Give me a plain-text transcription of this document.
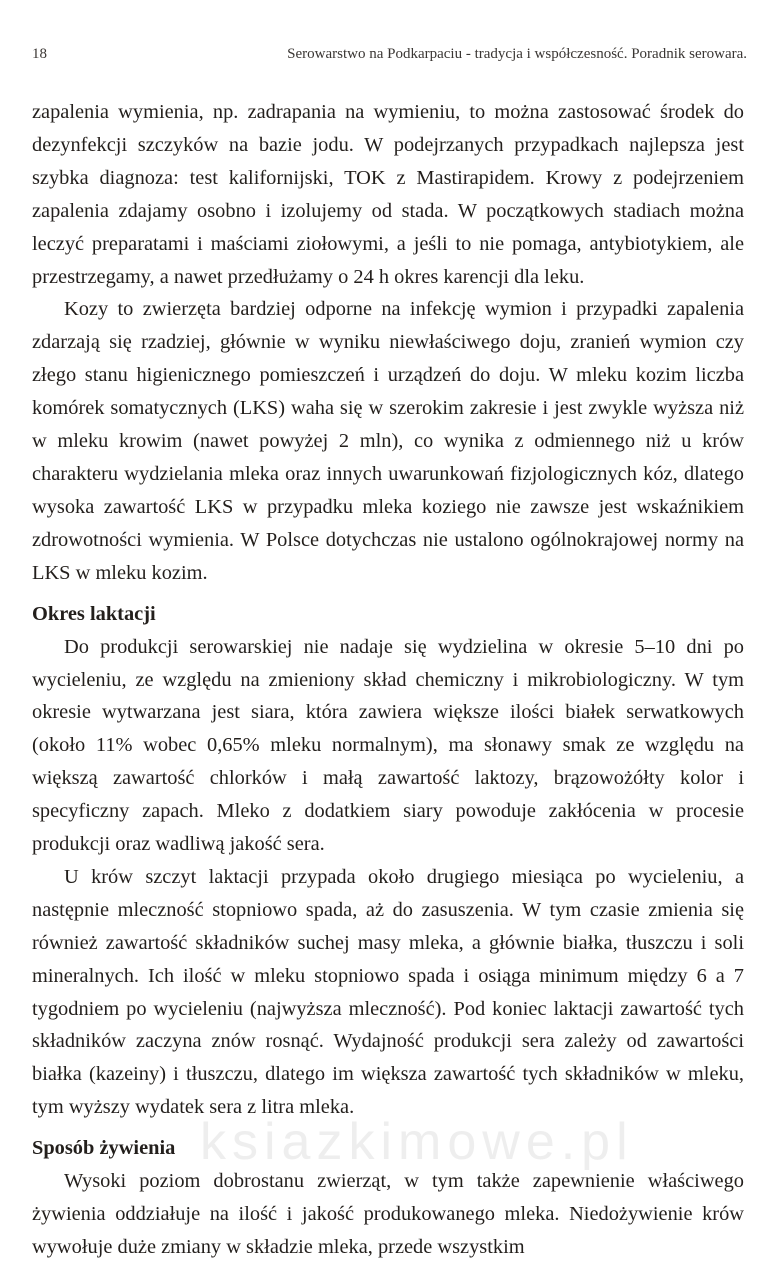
18	Serowarstwo na Podkarpaciu - tradycja i współczesność. Poradnik serowara.

zapalenia wymienia, np. zadrapania na wymieniu, to można zastosować środek do dezynfekcji szczyków na bazie jodu. W podejrzanych przypadkach najlepsza jest szybka diagnoza: test kalifornijski, TOK z Mastirapidem. Krowy z podejrzeniem zapalenia zdajamy osobno i izolujemy od stada. W początkowych stadiach można leczyć preparatami i maściami ziołowymi, a jeśli to nie pomaga, antybiotykiem, ale przestrzegamy, a nawet przedłużamy o 24 h okres karencji dla leku.

Kozy to zwierzęta bardziej odporne na infekcję wymion i przypadki zapalenia zdarzają się rzadziej, głównie w wyniku niewłaściwego doju, zranień wymion czy złego stanu higienicznego pomieszczeń i urządzeń do doju. W mleku kozim liczba komórek somatycznych (LKS) waha się w szerokim zakresie i jest zwykle wyższa niż w mleku krowim (nawet powyżej 2 mln), co wynika z odmiennego niż u krów charakteru wydzielania mleka oraz innych uwarunkowań fizjologicznych kóz, dlatego wysoka zawartość LKS w przypadku mleka koziego nie zawsze jest wskaźnikiem zdrowotności wymienia. W Polsce dotychczas nie ustalono ogólnokrajowej normy na LKS w mleku kozim.

Okres laktacji

Do produkcji serowarskiej nie nadaje się wydzielina w okresie 5–10 dni po wycieleniu, ze względu na zmieniony skład chemiczny i mikrobiologiczny. W tym okresie wytwarzana jest siara, która zawiera większe ilości białek serwatkowych (około 11% wobec 0,65% mleku normalnym), ma słonawy smak ze względu na większą zawartość chlorków i małą zawartość laktozy, brązowożółty kolor i specyficzny zapach. Mleko z dodatkiem siary powoduje zakłócenia w procesie produkcji oraz wadliwą jakość sera.

U krów szczyt laktacji przypada około drugiego miesiąca po wycieleniu, a następnie mleczność stopniowo spada, aż do zasuszenia. W tym czasie zmienia się również zawartość składników suchej masy mleka, a głównie białka, tłuszczu i soli mineralnych. Ich ilość w mleku stopniowo spada i osiąga minimum między 6 a 7 tygodniem po wycieleniu (najwyższa mleczność). Pod koniec laktacji zawartość tych składników zaczyna znów rosnąć. Wydajność produkcji sera zależy od zawartości białka (kazeiny) i tłuszczu, dlatego im większa zawartość tych składników w mleku, tym wyższy wydatek sera z litra mleka.

Sposób żywienia

Wysoki poziom dobrostanu zwierząt, w tym także zapewnienie właściwego żywienia oddziałuje na ilość i jakość produkowanego mleka. Niedożywienie krów wywołuje duże zmiany w składzie mleka, przede wszystkim

ksiazkimowe.pl
